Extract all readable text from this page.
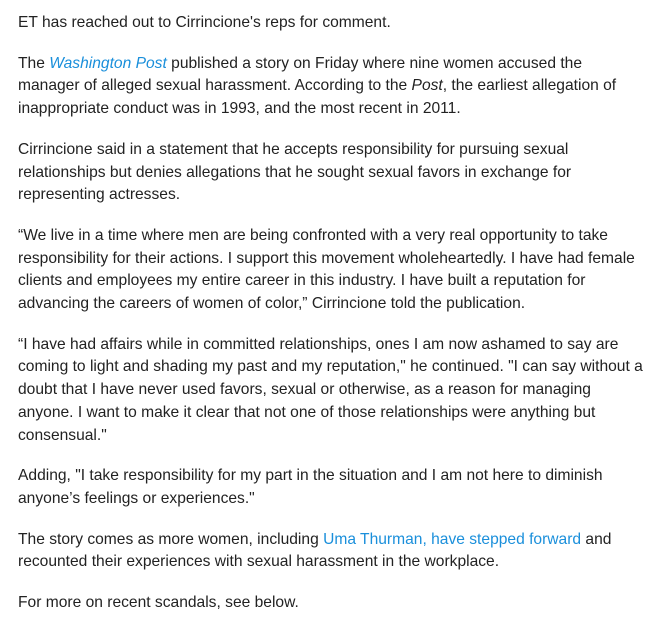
ET has reached out to Cirrincione's reps for comment.

The Washington Post published a story on Friday where nine women accused the manager of alleged sexual harassment. According to the Post, the earliest allegation of inappropriate conduct was in 1993, and the most recent in 2011.

Cirrincione said in a statement that he accepts responsibility for pursuing sexual relationships but denies allegations that he sought sexual favors in exchange for representing actresses.

“We live in a time where men are being confronted with a very real opportunity to take responsibility for their actions. I support this movement wholeheartedly. I have had female clients and employees my entire career in this industry. I have built a reputation for advancing the careers of women of color,” Cirrincione told the publication.

“I have had affairs while in committed relationships, ones I am now ashamed to say are coming to light and shading my past and my reputation," he continued. "I can say without a doubt that I have never used favors, sexual or otherwise, as a reason for managing anyone. I want to make it clear that not one of those relationships were anything but consensual."

Adding, "I take responsibility for my part in the situation and I am not here to diminish anyone’s feelings or experiences."

The story comes as more women, including Uma Thurman, have stepped forward and recounted their experiences with sexual harassment in the workplace.

For more on recent scandals, see below.
